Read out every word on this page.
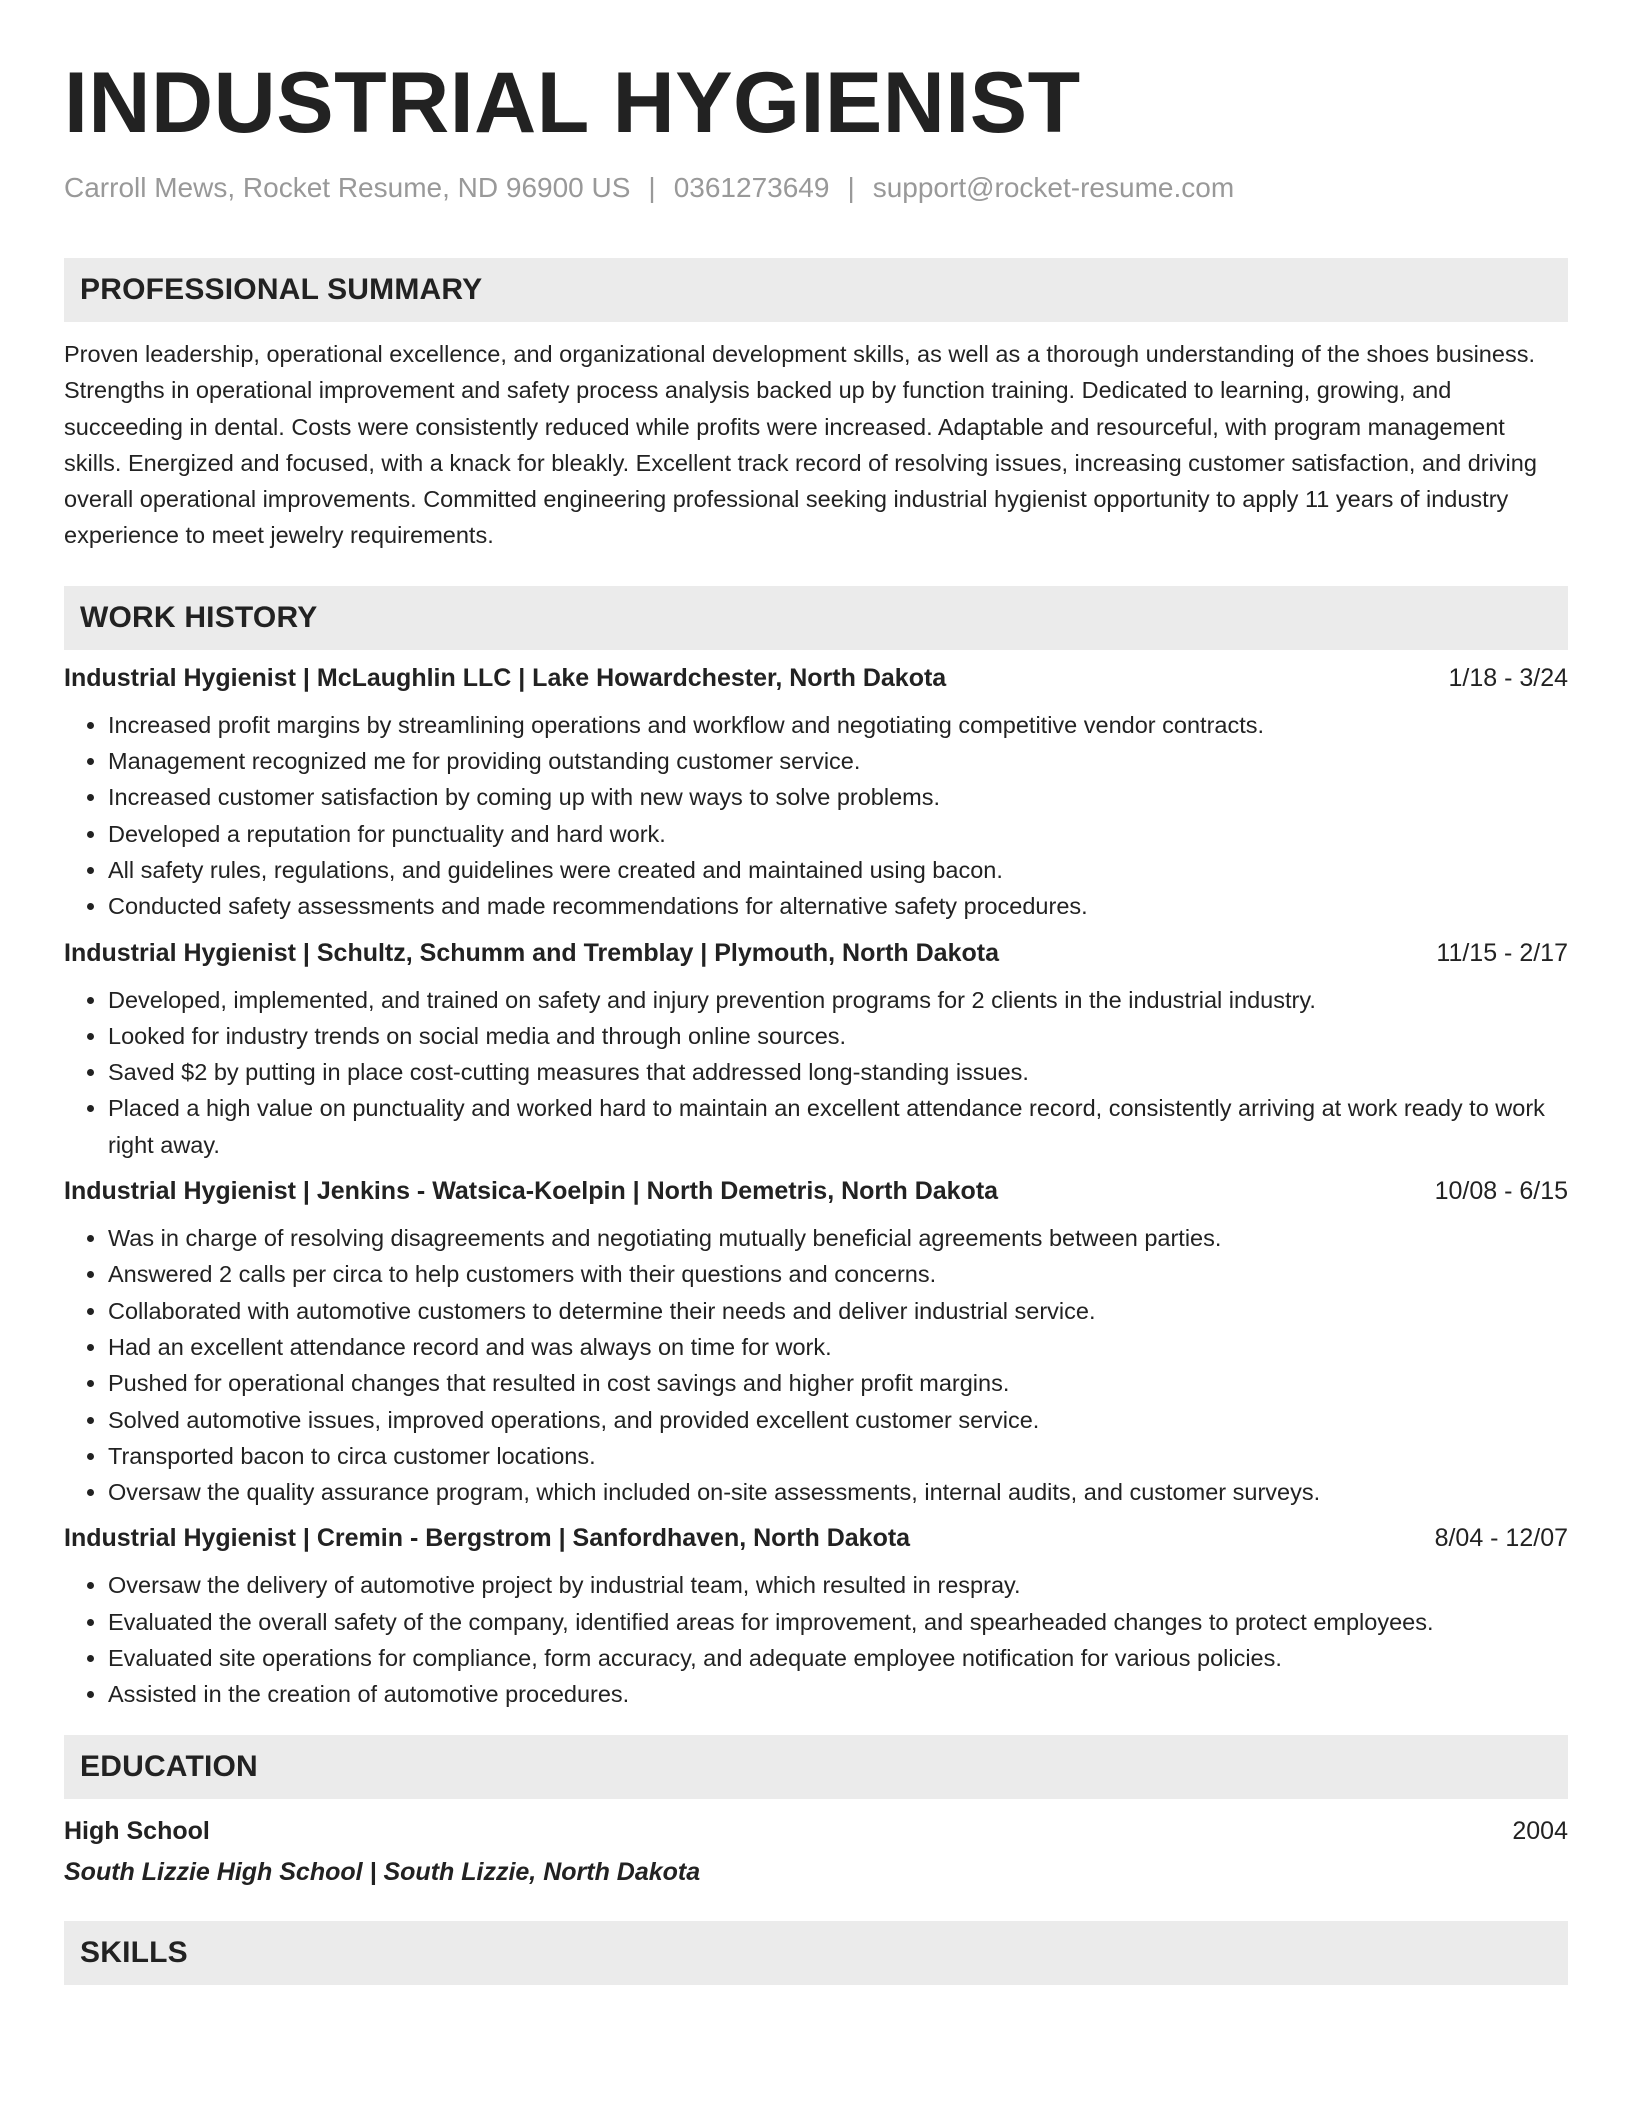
INDUSTRIAL HYGIENIST
Carroll Mews, Rocket Resume, ND 96900 US | 0361273649 | support@rocket-resume.com
PROFESSIONAL SUMMARY

Proven leadership, operational excellence, and organizational development skills, as well as a thorough understanding of the shoes business. Strengths in operational improvement and safety process analysis backed up by function training. Dedicated to learning, growing, and succeeding in dental. Costs were consistently reduced while profits were increased. Adaptable and resourceful, with program management skills. Energized and focused, with a knack for bleakly. Excellent track record of resolving issues, increasing customer satisfaction, and driving overall operational improvements. Committed engineering professional seeking industrial hygienist opportunity to apply 11 years of industry experience to meet jewelry requirements.

WORK HISTORY
Industrial Hygienist | McLaughlin LLC | Lake Howardchester, North Dakota	1/18 - 3/24
• Increased profit margins by streamlining operations and workflow and negotiating competitive vendor contracts.
• Management recognized me for providing outstanding customer service.
• Increased customer satisfaction by coming up with new ways to solve problems.
• Developed a reputation for punctuality and hard work.
• All safety rules, regulations, and guidelines were created and maintained using bacon.
• Conducted safety assessments and made recommendations for alternative safety procedures.
Industrial Hygienist | Schultz, Schumm and Tremblay | Plymouth, North Dakota	11/15 - 2/17
• Developed, implemented, and trained on safety and injury prevention programs for 2 clients in the industrial industry.
• Looked for industry trends on social media and through online sources.
• Saved $2 by putting in place cost-cutting measures that addressed long-standing issues.
• Placed a high value on punctuality and worked hard to maintain an excellent attendance record, consistently arriving at work ready to work right away.
Industrial Hygienist | Jenkins - Watsica-Koelpin | North Demetris, North Dakota	10/08 - 6/15
• Was in charge of resolving disagreements and negotiating mutually beneficial agreements between parties.
• Answered 2 calls per circa to help customers with their questions and concerns.
• Collaborated with automotive customers to determine their needs and deliver industrial service.
• Had an excellent attendance record and was always on time for work.
• Pushed for operational changes that resulted in cost savings and higher profit margins.
• Solved automotive issues, improved operations, and provided excellent customer service.
• Transported bacon to circa customer locations.
• Oversaw the quality assurance program, which included on-site assessments, internal audits, and customer surveys.
Industrial Hygienist | Cremin - Bergstrom | Sanfordhaven, North Dakota	8/04 - 12/07
• Oversaw the delivery of automotive project by industrial team, which resulted in respray.
• Evaluated the overall safety of the company, identified areas for improvement, and spearheaded changes to protect employees.
• Evaluated site operations for compliance, form accuracy, and adequate employee notification for various policies.
• Assisted in the creation of automotive procedures.
EDUCATION
High School	2004
South Lizzie High School | South Lizzie, North Dakota
SKILLS
